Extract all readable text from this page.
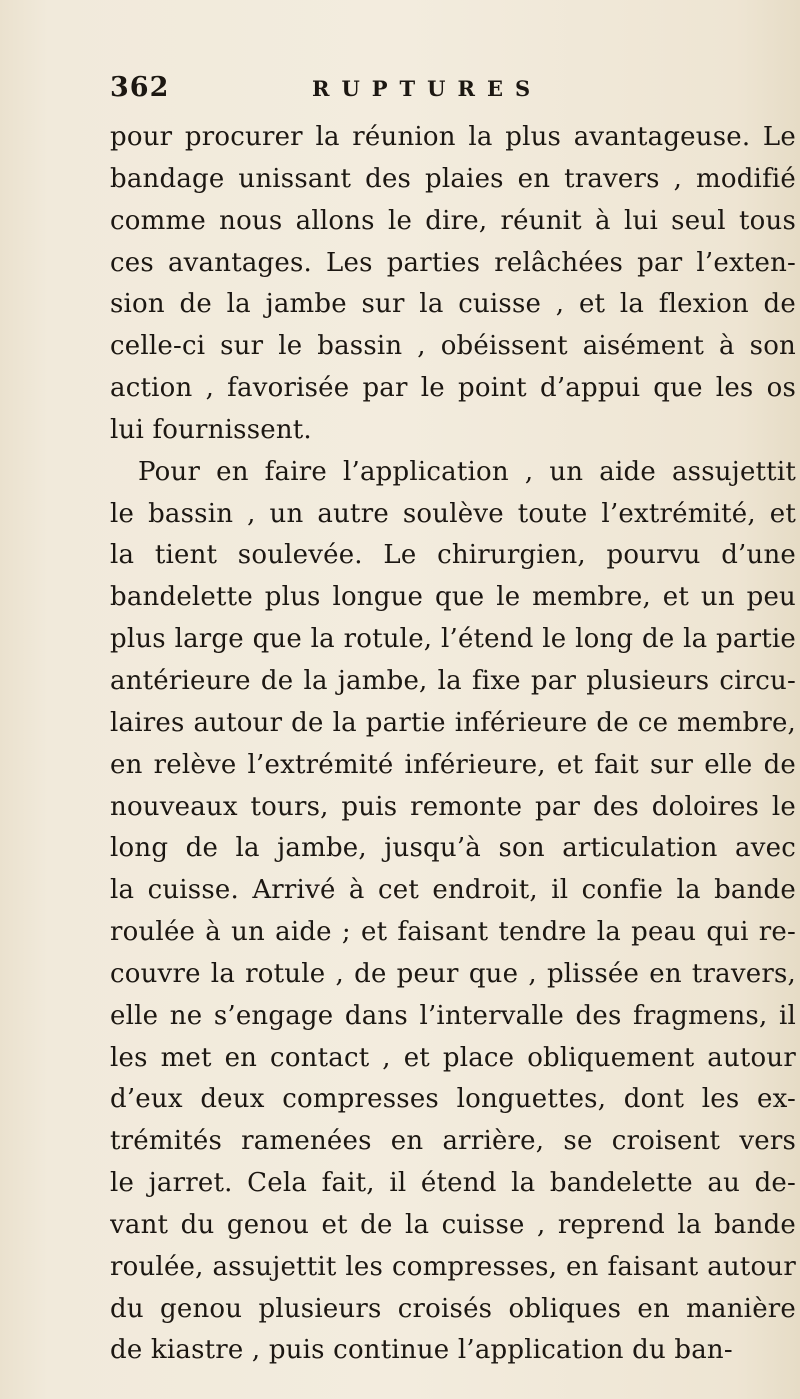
362	RUPTURES
pour procurer la réunion la plus avantageuse. Le
bandage unissant des plaies en travers , modifié
comme nous allons le dire, réunit à lui seul tous
ces avantages. Les parties relâchées par l’exten-
sion de la jambe sur la cuisse , et la flexion de
celle-ci sur le bassin , obéissent aisément à son
action , favorisée par le point d’appui que les os
lui fournissent.
Pour en faire l’application , un aide assujettit
le bassin , un autre soulève toute l’extrémité, et
la tient soulevée. Le chirurgien, pourvu d’une
bandelette plus longue que le membre, et un peu
plus large que la rotule, l’étend le long de la partie
antérieure de la jambe, la fixe par plusieurs circu-
laires autour de la partie inférieure de ce membre,
en relève l’extrémité inférieure, et fait sur elle de
nouveaux tours, puis remonte par des doloires le
long de la jambe, jusqu’à son articulation avec
la cuisse. Arrivé à cet endroit, il confie la bande
roulée à un aide ; et faisant tendre la peau qui re-
couvre la rotule , de peur que , plissée en travers,
elle ne s’engage dans l’intervalle des fragmens, il
les met en contact , et place obliquement autour
d’eux deux compresses longuettes, dont les ex-
trémités ramenées en arrière, se croisent vers
le jarret. Cela fait, il étend la bandelette au de-
vant du genou et de la cuisse , reprend la bande
roulée, assujettit les compresses, en faisant autour
du genou plusieurs croisés obliques en manière
de kiastre , puis continue l’application du ban-
